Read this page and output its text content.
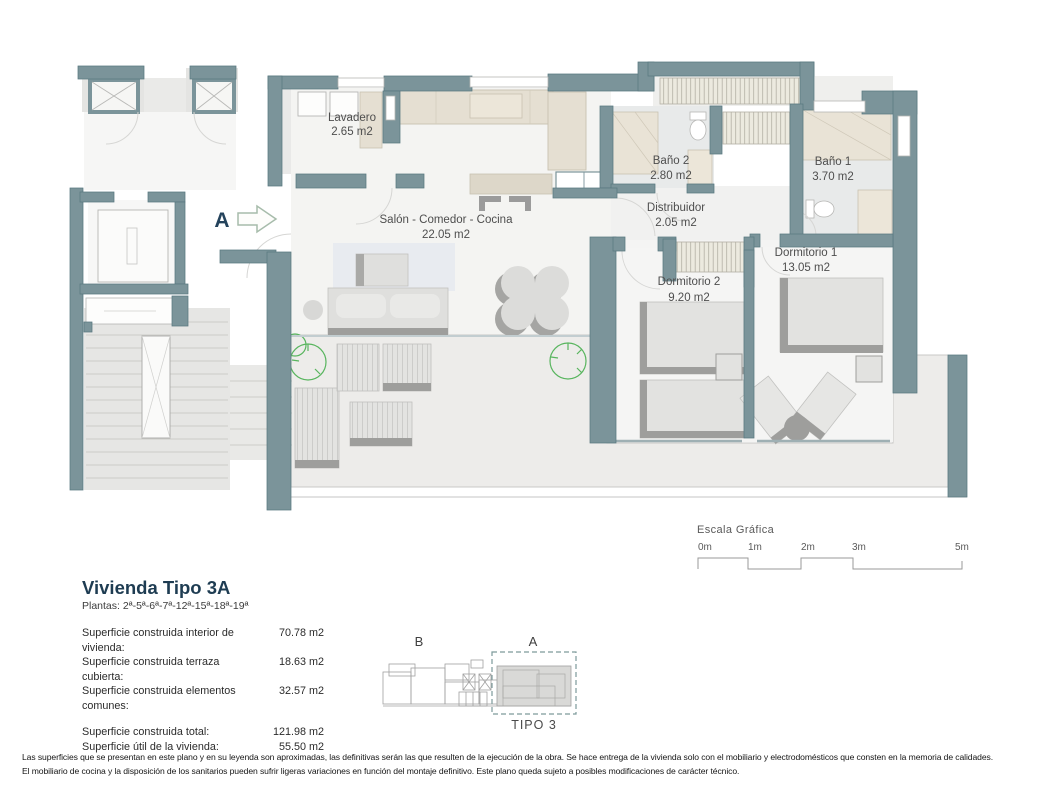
Lavadero
2.65 m2
Salón - Comedor - Cocina
22.05 m2
Baño 2
2.80 m2
Distribuidor
2.05 m2
Baño 1
3.70 m2
Dormitorio 2
9.20 m2
Dormitorio 1
13.05 m2
A
Escala Gráfica
0m	1m	2m	3m	5m
Vivienda Tipo 3A
Plantas: 2ª-5ª-6ª-7ª-12ª-15ª-18ª-19ª
Superficie construida interior de vivienda:
70.78 m2
Superficie construida terraza cubierta:
18.63 m2
Superficie construida elementos comunes:
32.57 m2
Superficie construida total:	121.98 m2
Superficie útil de la vivienda:	55.50 m2
B	A
TIPO 3
Las superficies que se presentan en este plano y en su leyenda son aproximadas, las definitivas serán las que resulten de la ejecución de la obra. Se hace entrega de la vivienda solo con el mobiliario y electrodomésticos que consten en la memoria de calidades.
El mobiliario de cocina y la disposición de los sanitarios pueden sufrir ligeras variaciones en función del montaje definitivo. Este plano queda sujeto a posibles modificaciones de carácter técnico.
